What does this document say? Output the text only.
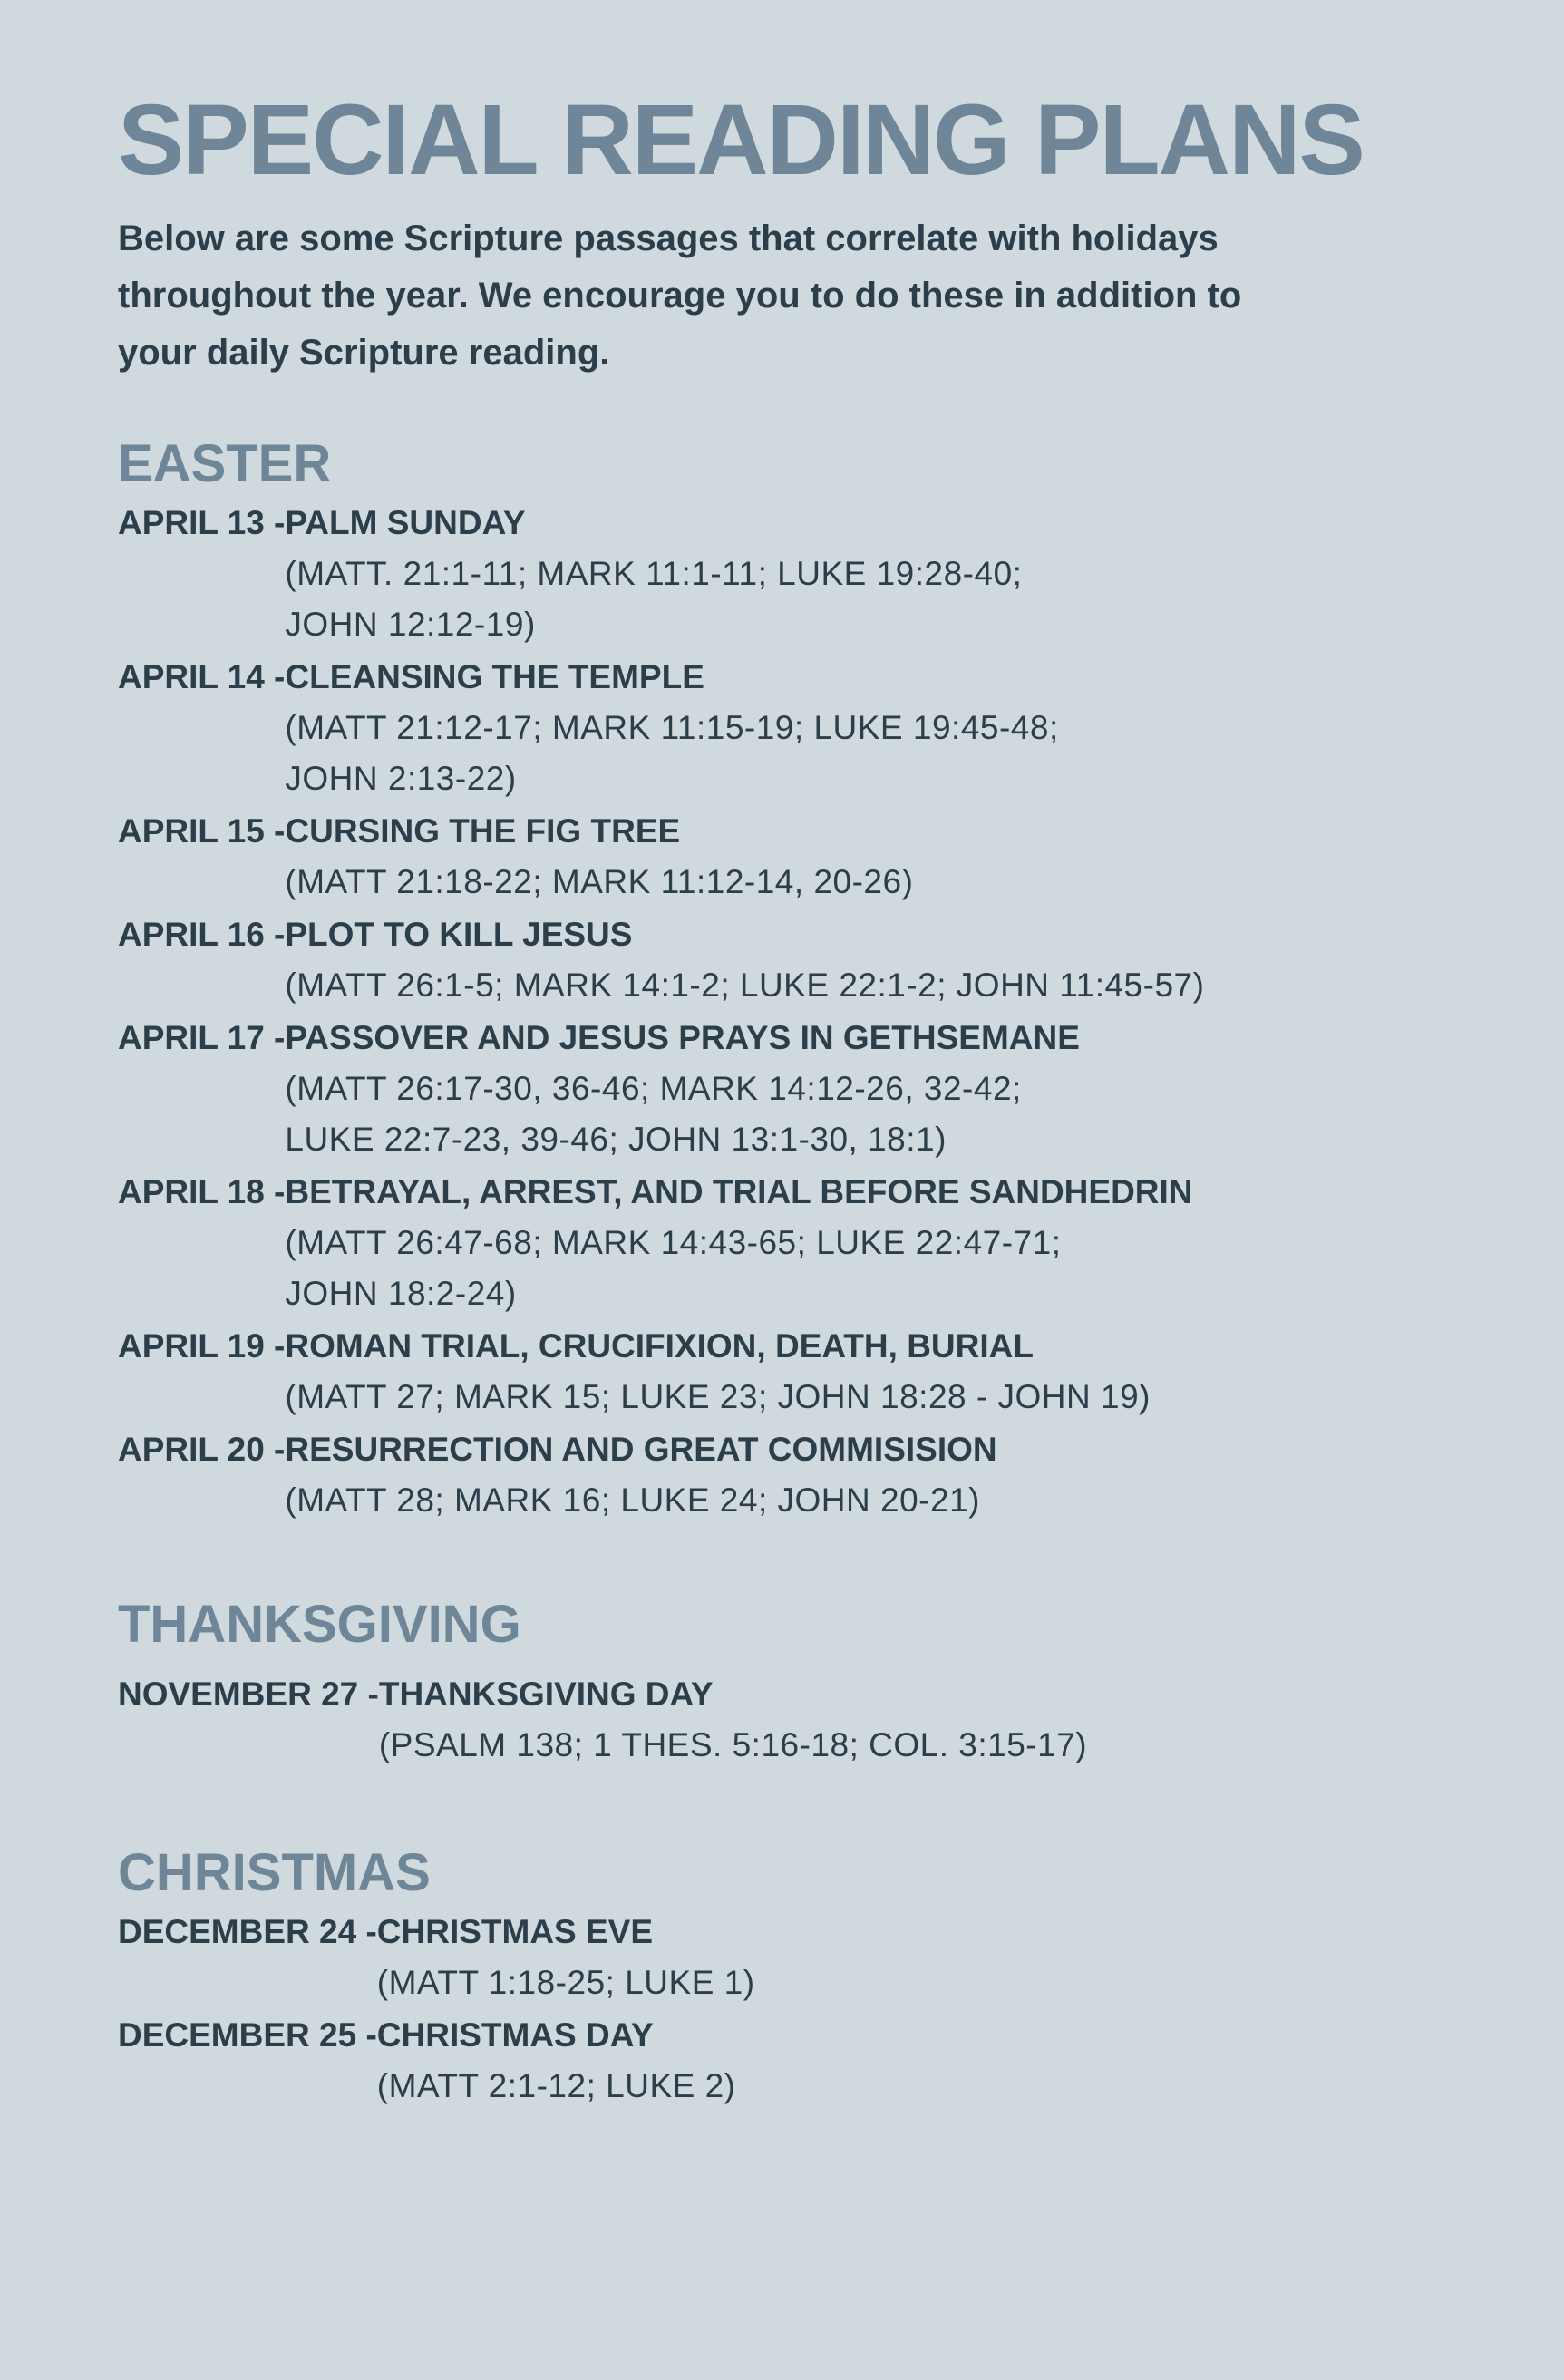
SPECIAL READING PLANS

Below are some Scripture passages that correlate with holidays throughout the year. We encourage you to do these in addition to your daily Scripture reading.

EASTER
APRIL 13 - PALM SUNDAY
(MATT. 21:1-11; MARK 11:1-11; LUKE 19:28-40;
JOHN 12:12-19)
APRIL 14 - CLEANSING THE TEMPLE
(MATT 21:12-17; MARK 11:15-19; LUKE 19:45-48;
JOHN 2:13-22)
APRIL 15 - CURSING THE FIG TREE
(MATT 21:18-22; MARK 11:12-14, 20-26)
APRIL 16 - PLOT TO KILL JESUS
(MATT 26:1-5; MARK 14:1-2; LUKE 22:1-2; JOHN 11:45-57)
APRIL 17 - PASSOVER AND JESUS PRAYS IN GETHSEMANE
(MATT 26:17-30, 36-46; MARK 14:12-26, 32-42;
LUKE 22:7-23, 39-46; JOHN 13:1-30, 18:1)
APRIL 18 - BETRAYAL, ARREST, AND TRIAL BEFORE SANDHEDRIN
(MATT 26:47-68; MARK 14:43-65; LUKE 22:47-71;
JOHN 18:2-24)
APRIL 19 - ROMAN TRIAL, CRUCIFIXION, DEATH, BURIAL
(MATT 27; MARK 15; LUKE 23; JOHN 18:28 - JOHN 19)
APRIL 20 - RESURRECTION AND GREAT COMMISISION
(MATT 28; MARK 16; LUKE 24; JOHN 20-21)
THANKSGIVING
NOVEMBER 27 - THANKSGIVING DAY
(PSALM 138; 1 THES. 5:16-18; COL. 3:15-17)
CHRISTMAS
DECEMBER 24 - CHRISTMAS EVE
(MATT 1:18-25; LUKE 1)
DECEMBER 25 - CHRISTMAS DAY
(MATT 2:1-12; LUKE 2)
